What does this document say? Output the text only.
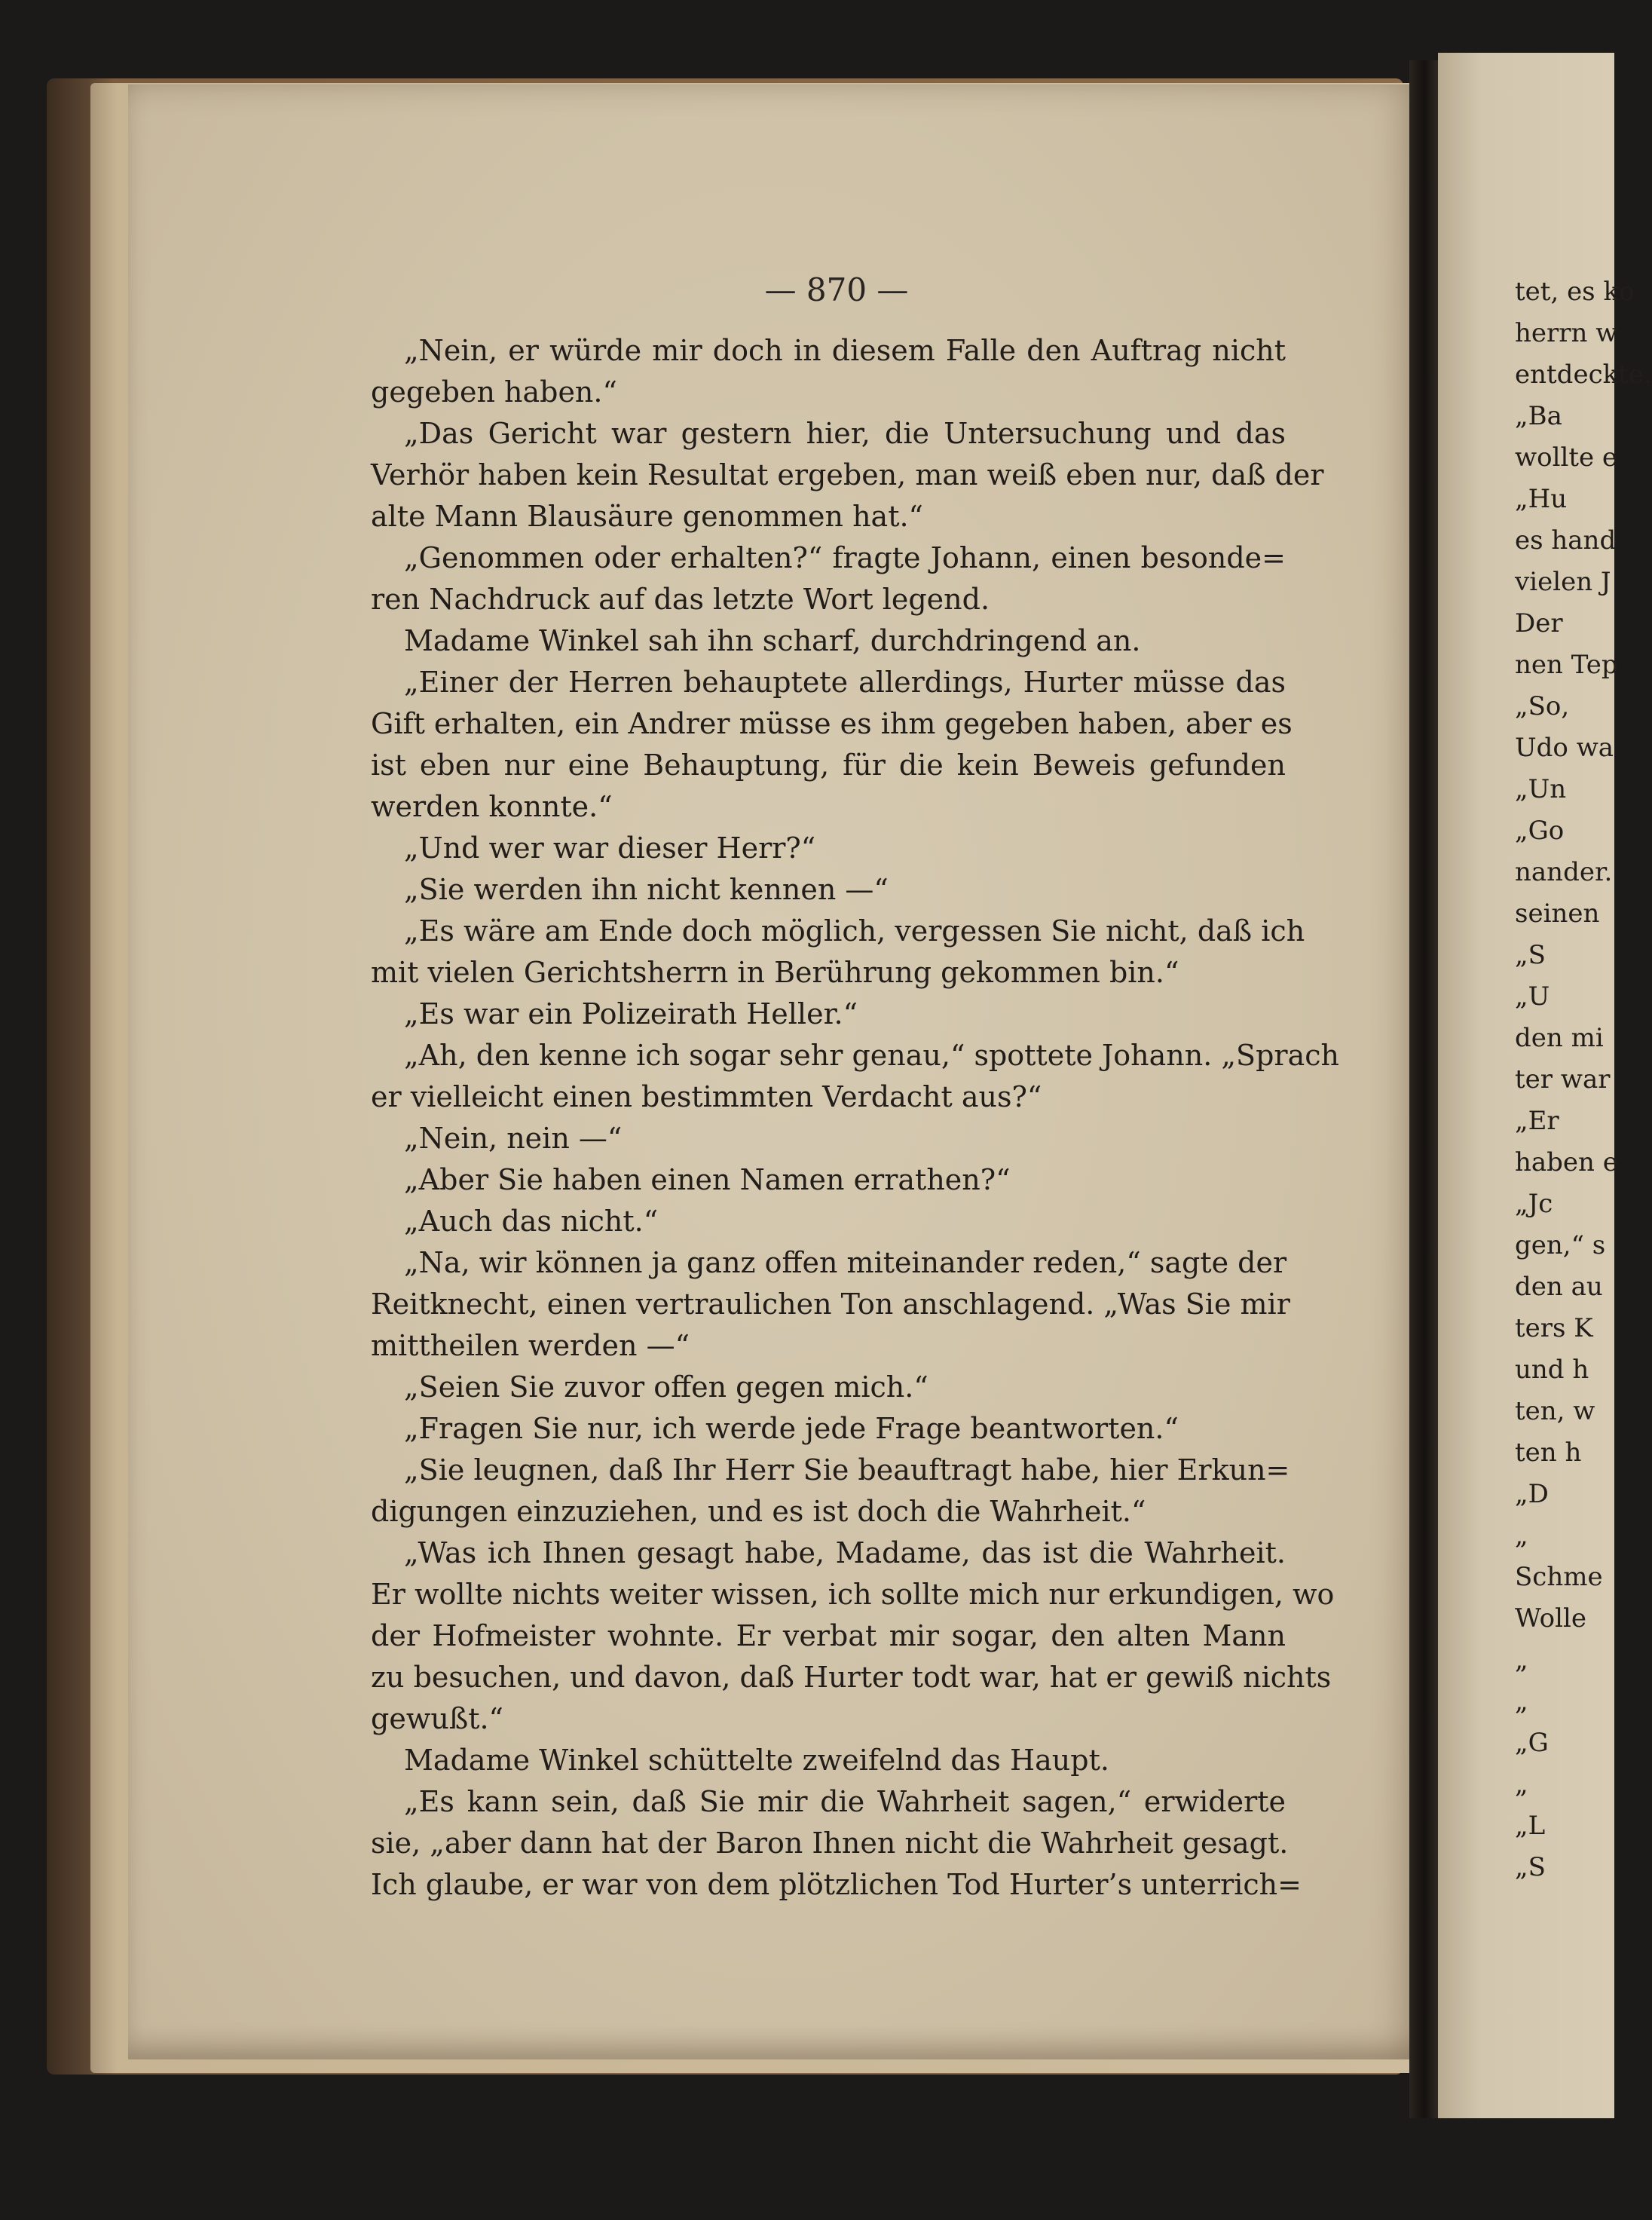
— 870 —
„Nein, er würde mir doch in diesem Falle den Auftrag nicht
gegeben haben.“
„Das Gericht war gestern hier, die Untersuchung und das
Verhör haben kein Resultat ergeben, man weiß eben nur, daß der
alte Mann Blausäure genommen hat.“
„Genommen oder erhalten?“ fragte Johann, einen besonde=
ren Nachdruck auf das letzte Wort legend.
Madame Winkel sah ihn scharf, durchdringend an.
„Einer der Herren behauptete allerdings, Hurter müsse das
Gift erhalten, ein Andrer müsse es ihm gegeben haben, aber es
ist eben nur eine Behauptung, für die kein Beweis gefunden
werden konnte.“
„Und wer war dieser Herr?“
„Sie werden ihn nicht kennen —“
„Es wäre am Ende doch möglich, vergessen Sie nicht, daß ich
mit vielen Gerichtsherrn in Berührung gekommen bin.“
„Es war ein Polizeirath Heller.“
„Ah, den kenne ich sogar sehr genau,“ spottete Johann. „Sprach
er vielleicht einen bestimmten Verdacht aus?“
„Nein, nein —“
„Aber Sie haben einen Namen errathen?“
„Auch das nicht.“
„Na, wir können ja ganz offen miteinander reden,“ sagte der
Reitknecht, einen vertraulichen Ton anschlagend. „Was Sie mir
mittheilen werden —“
„Seien Sie zuvor offen gegen mich.“
„Fragen Sie nur, ich werde jede Frage beantworten.“
„Sie leugnen, daß Ihr Herr Sie beauftragt habe, hier Erkun=
digungen einzuziehen, und es ist doch die Wahrheit.“
„Was ich Ihnen gesagt habe, Madame, das ist die Wahrheit.
Er wollte nichts weiter wissen, ich sollte mich nur erkundigen, wo
der Hofmeister wohnte. Er verbat mir sogar, den alten Mann
zu besuchen, und davon, daß Hurter todt war, hat er gewiß nichts
gewußt.“
Madame Winkel schüttelte zweifelnd das Haupt.
„Es kann sein, daß Sie mir die Wahrheit sagen,“ erwiderte
sie, „aber dann hat der Baron Ihnen nicht die Wahrheit gesagt.
Ich glaube, er war von dem plötzlichen Tod Hurter’s unterrich=
tet, es ko
herrn w
entdeckte.
„Ba
wollte e
„Hu
es hand
vielen J
Der
nen Tep
„So,
Udo wa
„Un
„Go
nander.
seinen
„S
„U
den mi
ter war
„Er
haben e
„Jc
gen,“ s
den au
ters K
und h
ten, w
ten h
„D
„
Schme
Wolle
„
„
„G
„
„L
„S
